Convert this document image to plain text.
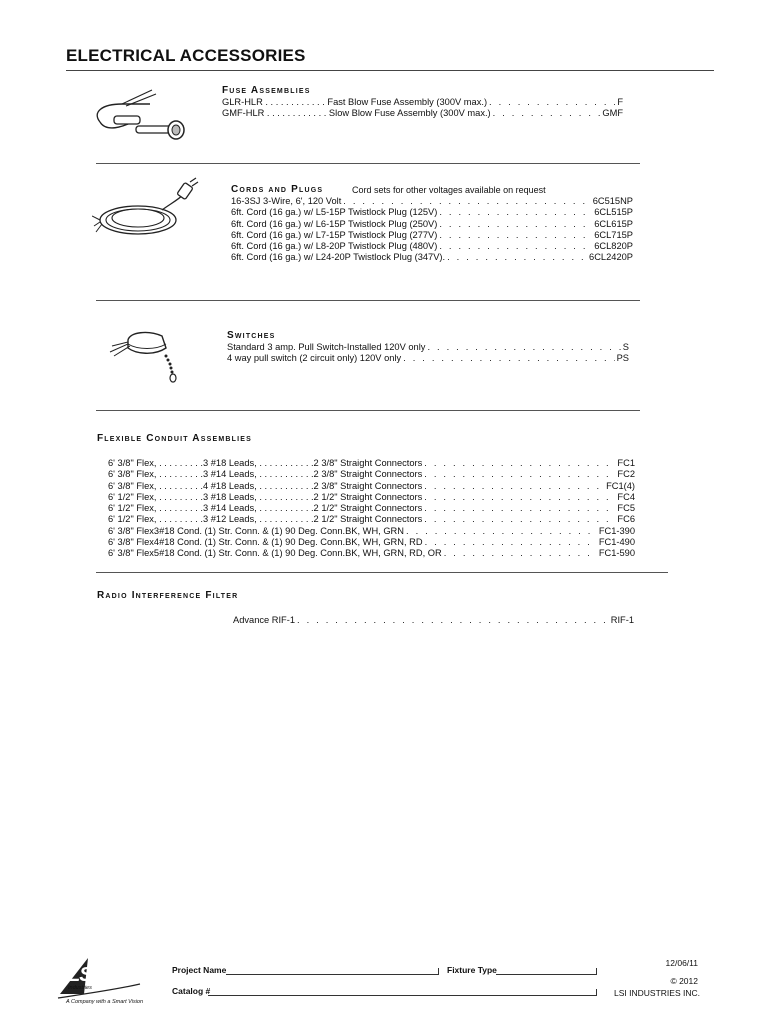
ELECTRICAL ACCESSORIES
Fuse Assemblies
GLR-HLR . . . . . . . . . . . . Fast Blow Fuse Assembly (300V max.) . . .	F
GMF-HLR . . . . . . . . . . . . Slow Blow Fuse Assembly (300V max.) . . .	GMF
Cords and Plugs	Cord sets for other voltages available on request
16-3SJ 3-Wire, 6', 120 Volt . . .	6C515NP
6ft. Cord (16 ga.) w/ L5-15P Twistlock Plug (125V) . . .	6CL515P
6ft. Cord (16 ga.) w/ L6-15P Twistlock Plug (250V) . . .	6CL615P
6ft. Cord (16 ga.) w/ L7-15P Twistlock Plug (277V) . . .	6CL715P
6ft. Cord (16 ga.) w/ L8-20P Twistlock Plug (480V) . . .	6CL820P
6ft. Cord (16 ga.) w/ L24-20P Twistlock Plug (347V). . . .	6CL2420P
Switches
Standard 3 amp. Pull Switch-Installed 120V only . . .	S
4 way pull switch (2 circuit only) 120V only . . .	PS
Flexible Conduit Assemblies
6' 3/8" Flex, . . . . . . . . .3 #18 Leads, . . . . . . . . . . .2 3/8" Straight Connectors . . .	FC1
6' 3/8" Flex, . . . . . . . . .3 #14 Leads, . . . . . . . . . . .2 3/8" Straight Connectors . . .	FC2
6' 3/8" Flex, . . . . . . . . .4 #18 Leads, . . . . . . . . . . .2 3/8" Straight Connectors . . .	FC1(4)
6' 1/2" Flex, . . . . . . . . .3 #18 Leads, . . . . . . . . . . .2 1/2" Straight Connectors . . .	FC4
6' 1/2" Flex, . . . . . . . . .3 #14 Leads, . . . . . . . . . . .2 1/2" Straight Connectors . . .	FC5
6' 1/2" Flex, . . . . . . . . .3 #12 Leads, . . . . . . . . . . .2 1/2" Straight Connectors . . .	FC6
6' 3/8" Flex3#18 Cond. (1) Str. Conn. & (1) 90 Deg. Conn.BK, WH, GRN . . .	FC1-390
6' 3/8" Flex4#18 Cond. (1) Str. Conn. & (1) 90 Deg. Conn.BK, WH, GRN, RD . . .	FC1-490
6' 3/8" Flex5#18 Cond. (1) Str. Conn. & (1) 90 Deg. Conn.BK, WH, GRN, RD, OR . . .	FC1-590
Radio Interference Filter
Advance RIF-1 . . .	RIF-1
LSI
Industries
A Company with a Smart Vision
Project Name	Fixture Type
Catalog #
12/06/11
© 2012
LSI INDUSTRIES INC.
